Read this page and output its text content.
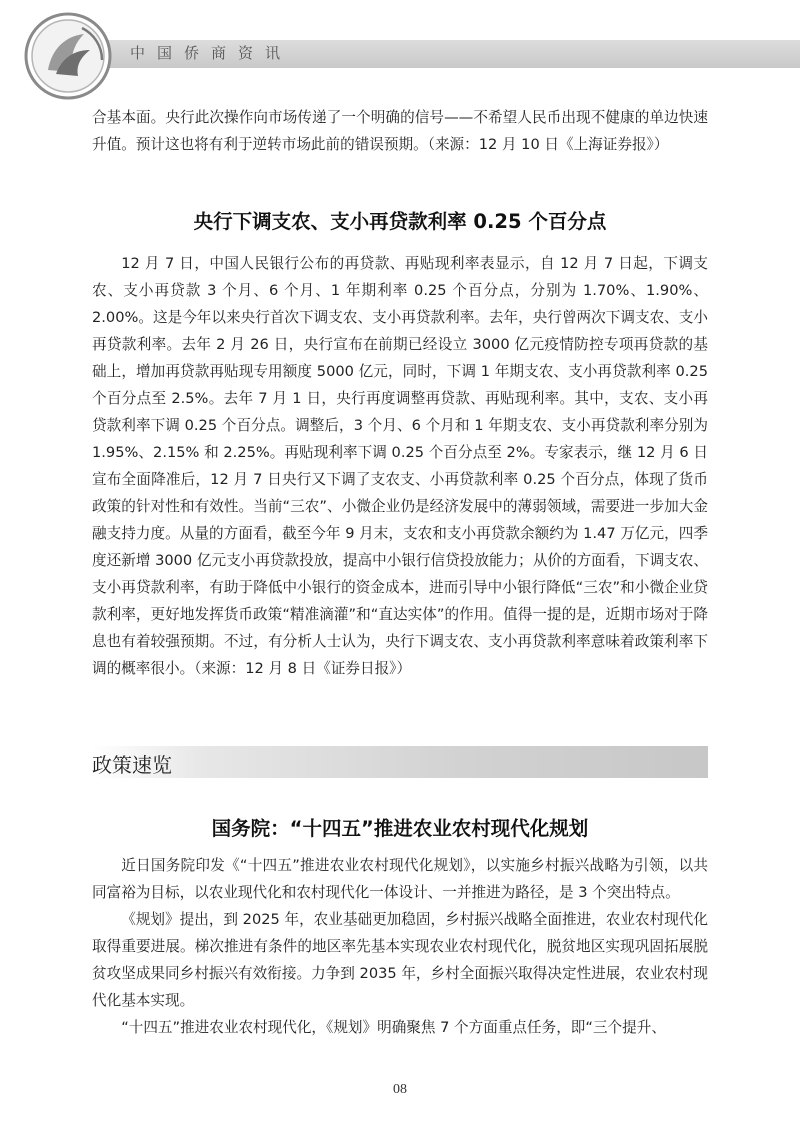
中国侨商资讯

合基本面。央行此次操作向市场传递了一个明确的信号——不希望人民币出现不健康的单边快速升值。预计这也将有利于逆转市场此前的错误预期。（来源：12 月 10 日《上海证券报》）

央行下调支农、支小再贷款利率 0.25 个百分点

12 月 7 日，中国人民银行公布的再贷款、再贴现利率表显示，自 12 月 7 日起，下调支农、支小再贷款 3 个月、6 个月、1 年期利率 0.25 个百分点，分别为 1.70%、1.90%、2.00%。这是今年以来央行首次下调支农、支小再贷款利率。去年，央行曾两次下调支农、支小再贷款利率。去年 2 月 26 日，央行宣布在前期已经设立 3000 亿元疫情防控专项再贷款的基础上，增加再贷款再贴现专用额度 5000 亿元，同时，下调 1 年期支农、支小再贷款利率 0.25 个百分点至 2.5%。去年 7 月 1 日，央行再度调整再贷款、再贴现利率。其中，支农、支小再贷款利率下调 0.25 个百分点。调整后，3 个月、6 个月和 1 年期支农、支小再贷款利率分别为 1.95%、2.15% 和 2.25%。再贴现利率下调 0.25 个百分点至 2%。专家表示，继 12 月 6 日宣布全面降准后，12 月 7 日央行又下调了支农支、小再贷款利率 0.25 个百分点，体现了货币政策的针对性和有效性。当前“三农”、小微企业仍是经济发展中的薄弱领域，需要进一步加大金融支持力度。从量的方面看，截至今年 9 月末，支农和支小再贷款余额约为 1.47 万亿元，四季度还新增 3000 亿元支小再贷款投放，提高中小银行信贷投放能力；从价的方面看，下调支农、支小再贷款利率，有助于降低中小银行的资金成本，进而引导中小银行降低“三农”和小微企业贷款利率，更好地发挥货币政策“精准滴灌”和“直达实体”的作用。值得一提的是，近期市场对于降息也有着较强预期。不过，有分析人士认为，央行下调支农、支小再贷款利率意味着政策利率下调的概率很小。（来源：12 月 8 日《证券日报》）

政策速览
国务院：“十四五”推进农业农村现代化规划

近日国务院印发《“十四五”推进农业农村现代化规划》，以实施乡村振兴战略为引领，以共同富裕为目标，以农业现代化和农村现代化一体设计、一并推进为路径，是 3 个突出特点。

《规划》提出，到 2025 年，农业基础更加稳固，乡村振兴战略全面推进，农业农村现代化取得重要进展。梯次推进有条件的地区率先基本实现农业农村现代化，脱贫地区实现巩固拓展脱贫攻坚成果同乡村振兴有效衔接。力争到 2035 年，乡村全面振兴取得决定性进展，农业农村现代化基本实现。

“十四五”推进农业农村现代化，《规划》明确聚焦 7 个方面重点任务，即“三个提升、

08
